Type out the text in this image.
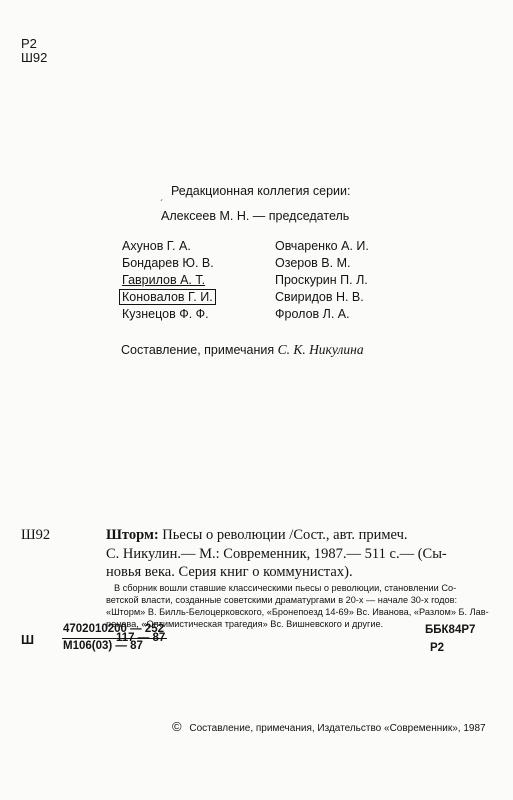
Р2
Ш92
Редакционная коллегия серии:
´
Алексеев М. Н. — председатель
Ахунов Г. А.
Бондарев Ю. В.
Гаврилов А. Т.
Коновалов Г. И.
Кузнецов Ф. Ф.
Овчаренко А. И.
Озеров В. М.
Проскурин П. Л.
Свиридов Н. В.
Фролов Л. А.
Составление, примечания С. К. Никулина
Ш92	Шторм: Пьесы о революции /Сост., авт. примеч.
С. Никулин.— М.: Современник, 1987.— 511 с.— (Сы-
новья века. Серия книг о коммунистах).
В сборник вошли ставшие классическими пьесы о революции, становлении Со-
ветской власти, созданные советскими драматургами в 20-х — начале 30-х годов:
«Шторм» В. Билль-Белоцерковского, «Бронепоезд 14-69» Вс. Иванова, «Разлом» Б. Лав-
ренева, «Оптимистическая трагедия» Вс. Вишневского и другие.
Ш
4702010200 — 252
М106(03) — 87
117 — 87
ББК84Р7
Р2
© Составление, примечания, Издательство «Современник», 1987
